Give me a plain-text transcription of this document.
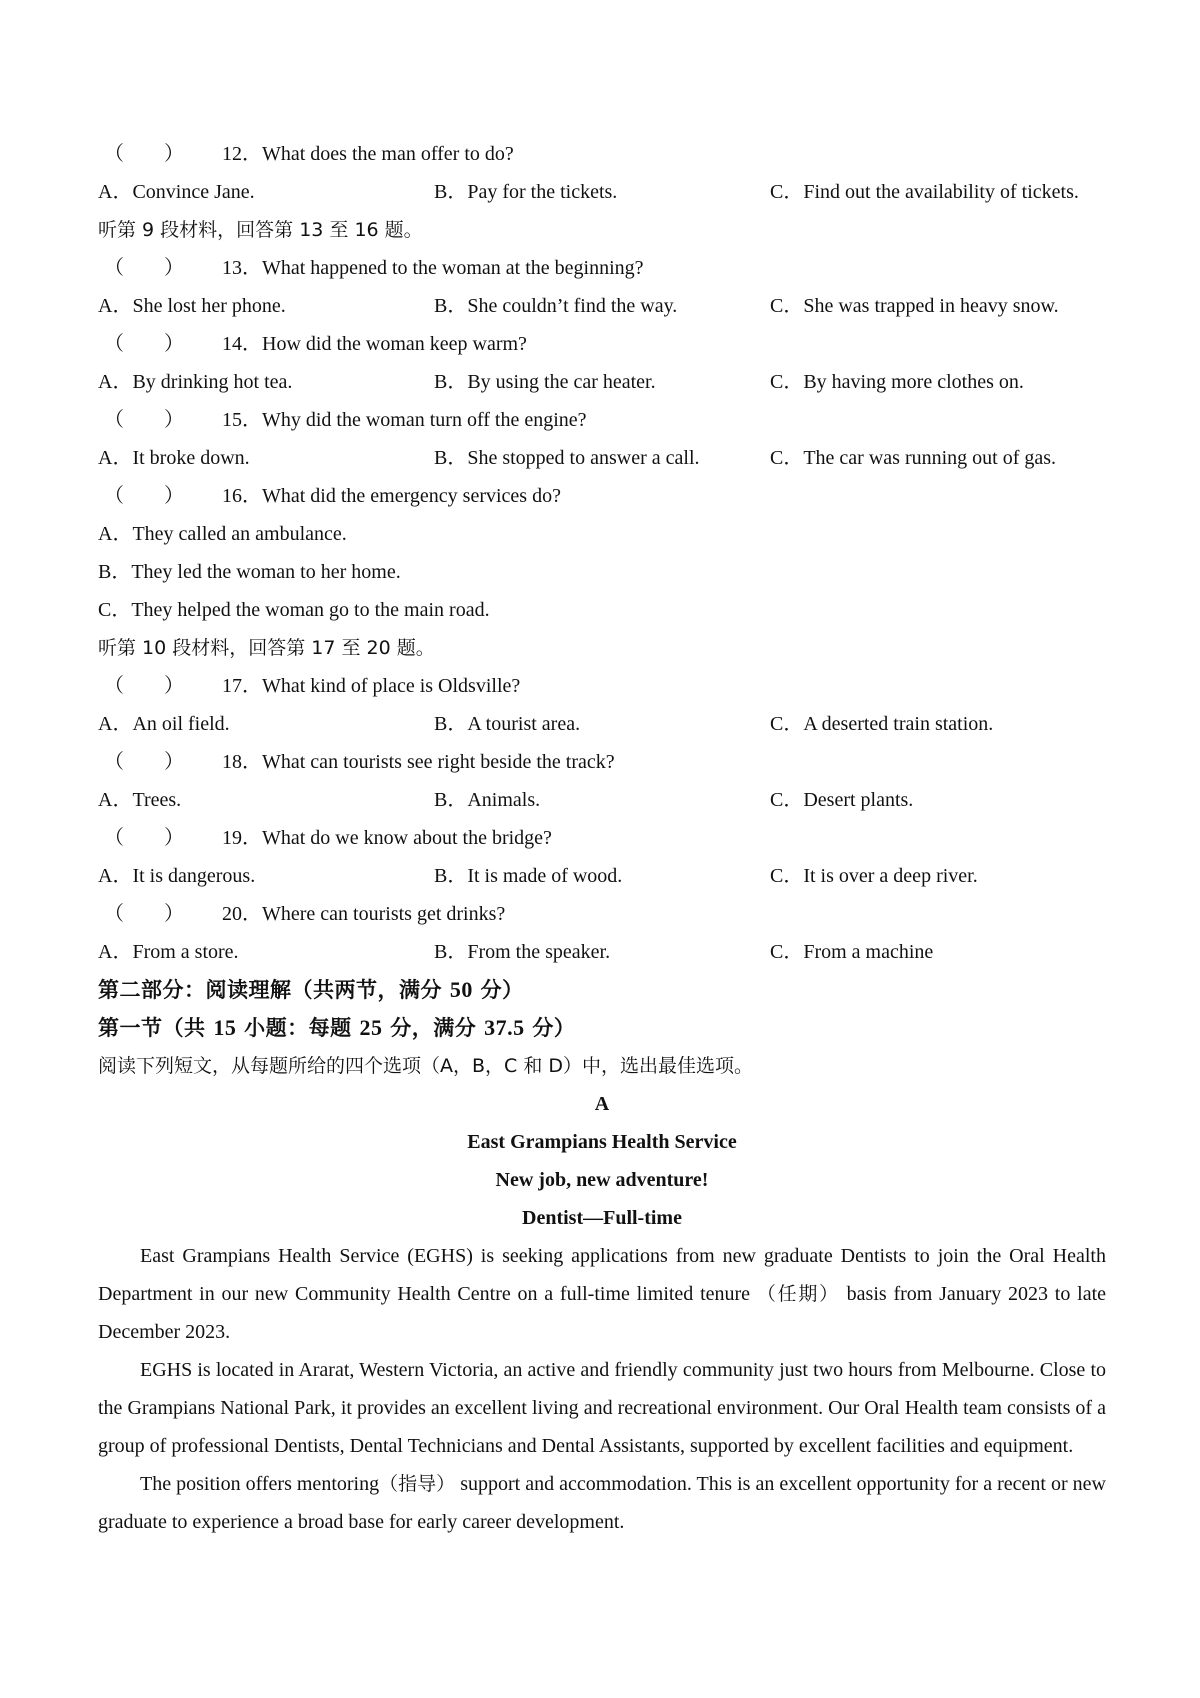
（　　） 12．What does the man offer to do?
A．Convince Jane.	B．Pay for the tickets.	C．Find out the availability of tickets.
听第 9 段材料，回答第 13 至 16 题。
（　　） 13．What happened to the woman at the beginning?
A．She lost her phone.	B．She couldn’t find the way.	C．She was trapped in heavy snow.
（　　） 14．How did the woman keep warm?
A．By drinking hot tea.	B．By using the car heater.	C．By having more clothes on.
（　　） 15．Why did the woman turn off the engine?
A．It broke down.	B．She stopped to answer a call.	C．The car was running out of gas.
（　　） 16．What did the emergency services do?
A．They called an ambulance.
B．They led the woman to her home.
C．They helped the woman go to the main road.
听第 10 段材料，回答第 17 至 20 题。
（　　） 17．What kind of place is Oldsville?
A．An oil field.	B．A tourist area.	C．A deserted train station.
（　　） 18．What can tourists see right beside the track?
A．Trees.	B．Animals.	C．Desert plants.
（　　） 19．What do we know about the bridge?
A．It is dangerous.	B．It is made of wood.	C．It is over a deep river.
（　　） 20．Where can tourists get drinks?
A．From a store.	B．From the speaker.	C．From a machine
第二部分：阅读理解（共两节，满分 50 分）
第一节（共 15 小题：每题 25 分，满分 37.5 分）
阅读下列短文，从每题所给的四个选项（A，B，C 和 D）中，选出最佳选项。
A
East Grampians Health Service
New job, new adventure!
Dentist—Full-time
East Grampians Health Service (EGHS) is seeking applications from new graduate Dentists to join the Oral Health Department in our new Community Health Centre on a full-time limited tenure （任期） basis from January 2023 to late December 2023.
EGHS is located in Ararat, Western Victoria, an active and friendly community just two hours from Melbourne. Close to the Grampians National Park, it provides an excellent living and recreational environment. Our Oral Health team consists of a group of professional Dentists, Dental Technicians and Dental Assistants, supported by excellent facilities and equipment.
The position offers mentoring（指导） support and accommodation. This is an excellent opportunity for a recent or new graduate to experience a broad base for early career development.
